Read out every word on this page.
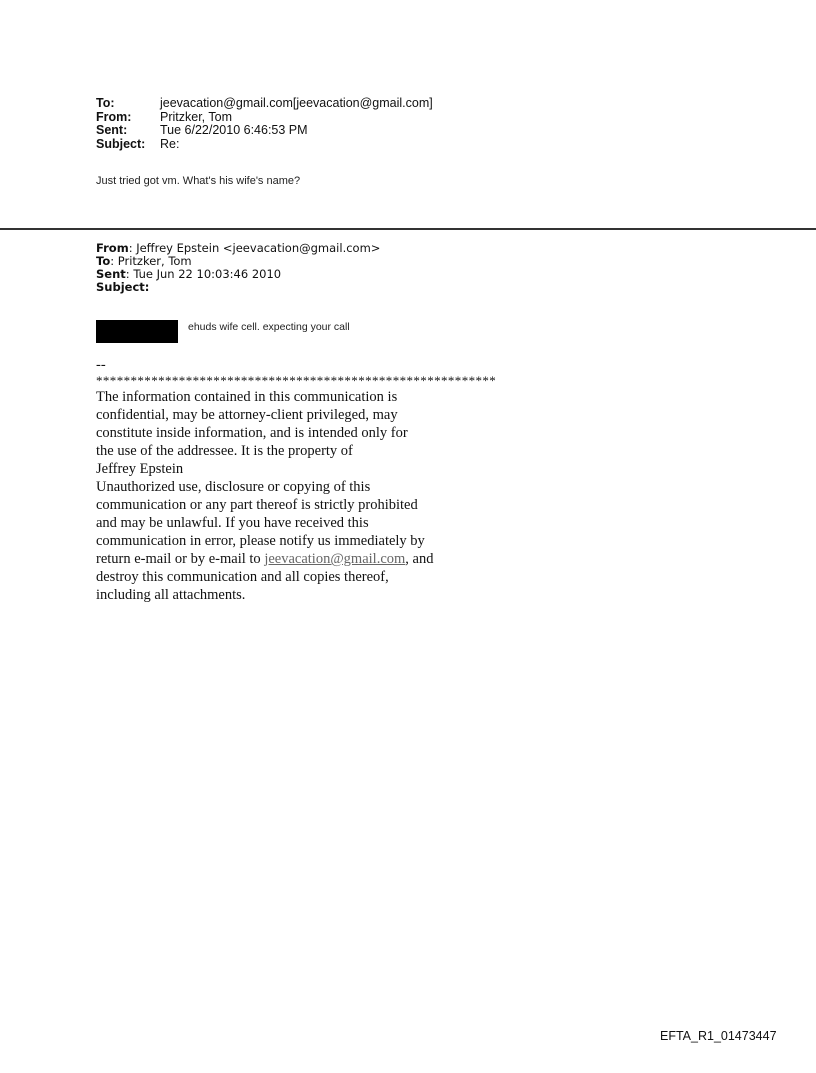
To:	jeevacation@gmail.com[jeevacation@gmail.com]
From:	Pritzker, Tom
Sent:	Tue 6/22/2010 6:46:53 PM
Subject:	Re:
Just tried got vm. What's his wife's name?
From: Jeffrey Epstein <jeevacation@gmail.com>
To: Pritzker, Tom
Sent: Tue Jun 22 10:03:46 2010
Subject:
ehuds wife cell. expecting your call
--
**********************************************************
The information contained in this communication is
confidential, may be attorney-client privileged, may
constitute inside information, and is intended only for
the use of the addressee. It is the property of
Jeffrey Epstein
Unauthorized use, disclosure or copying of this
communication or any part thereof is strictly prohibited
and may be unlawful. If you have received this
communication in error, please notify us immediately by
return e-mail or by e-mail to jeevacation@gmail.com, and
destroy this communication and all copies thereof,
including all attachments.
EFTA_R1_01473447
